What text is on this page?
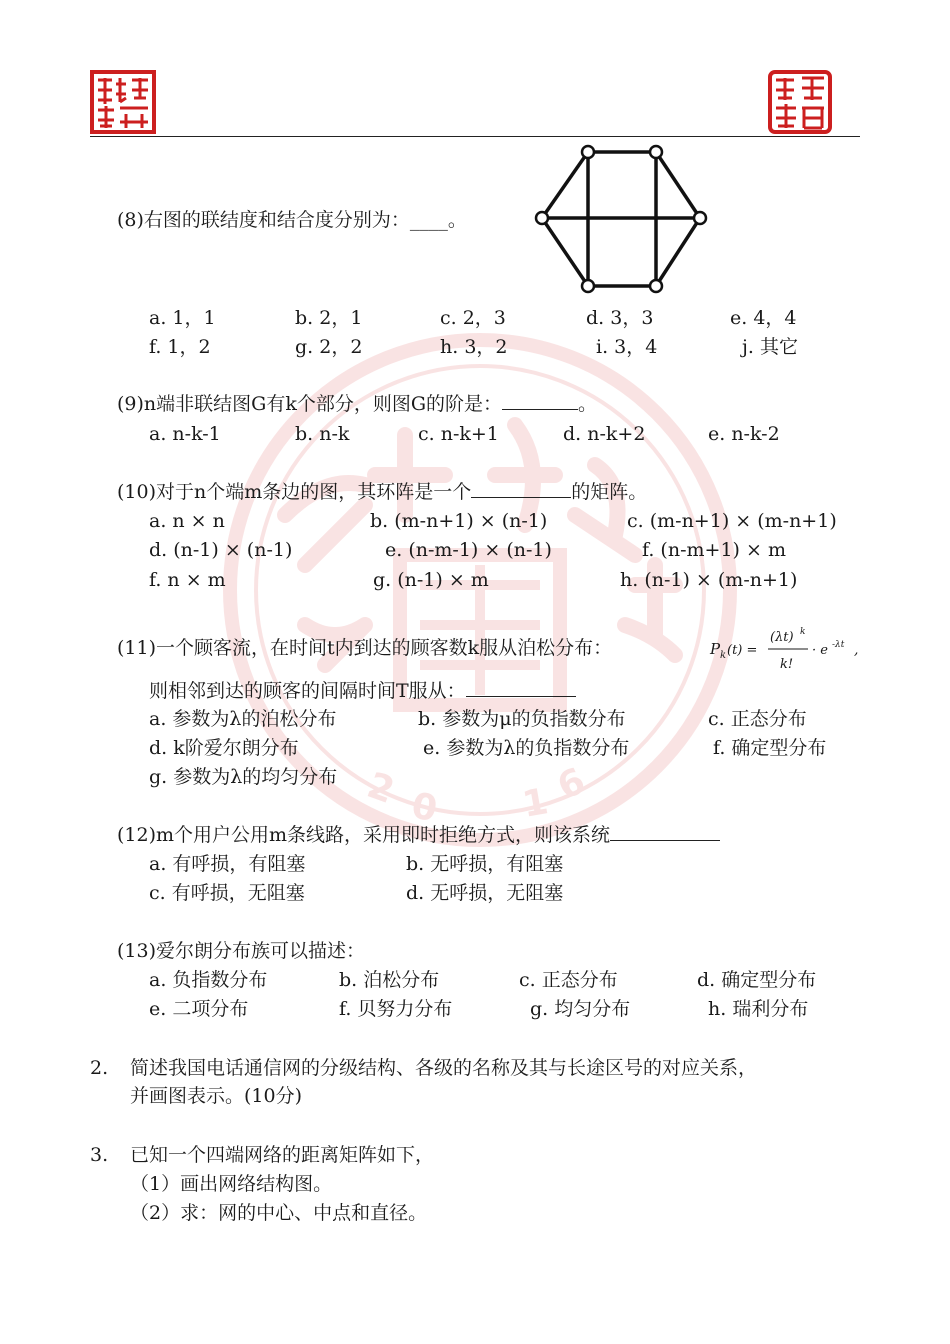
2 0 1 6
(8)右图的联结度和结合度分别为：____。
a. 1，1	b. 2，1	c. 2，3	d. 3，3	e. 4，4
f. 1，2	g. 2，2	h. 3，2	i. 3，4	j. 其它
(9)n端非联结图G有k个部分，则图G的阶是：	。
a. n-k-1	b. n-k	c. n-k+1	d. n-k+2	e. n-k-2
(10)对于n个端m条边的图，其环阵是一个	的矩阵。
a. n × n	b. (m-n+1) × (n-1)	c. (m-n+1) × (m-n+1)
d. (n-1) × (n-1)	e. (n-m-1) × (n-1)	f. (n-m+1) × m
f. n × m	g. (n-1) × m	h. (n-1) × (m-n+1)
(11)一个顾客流，在时间t内到达的顾客数k服从泊松分布：	P k (t) =
(λt) k
k!
· e -λt ,
则相邻到达的顾客的间隔时间T服从：
a. 参数为λ的泊松分布	b. 参数为μ的负指数分布	c. 正态分布
d. k阶爱尔朗分布	e. 参数为λ的负指数分布	f. 确定型分布
g. 参数为λ的均匀分布
(12)m个用户公用m条线路，采用即时拒绝方式，则该系统
a. 有呼损，有阻塞	b. 无呼损，有阻塞
c. 有呼损，无阻塞	d. 无呼损，无阻塞
(13)爱尔朗分布族可以描述：
a. 负指数分布	b. 泊松分布	c. 正态分布	d. 确定型分布
e. 二项分布	f. 贝努力分布	g. 均匀分布	h. 瑞利分布
2. 简述我国电话通信网的分级结构、各级的名称及其与长途区号的对应关系，
并画图表示。(10分)
3. 已知一个四端网络的距离矩阵如下，
（1）画出网络结构图。
（2）求：网的中心、中点和直径。
